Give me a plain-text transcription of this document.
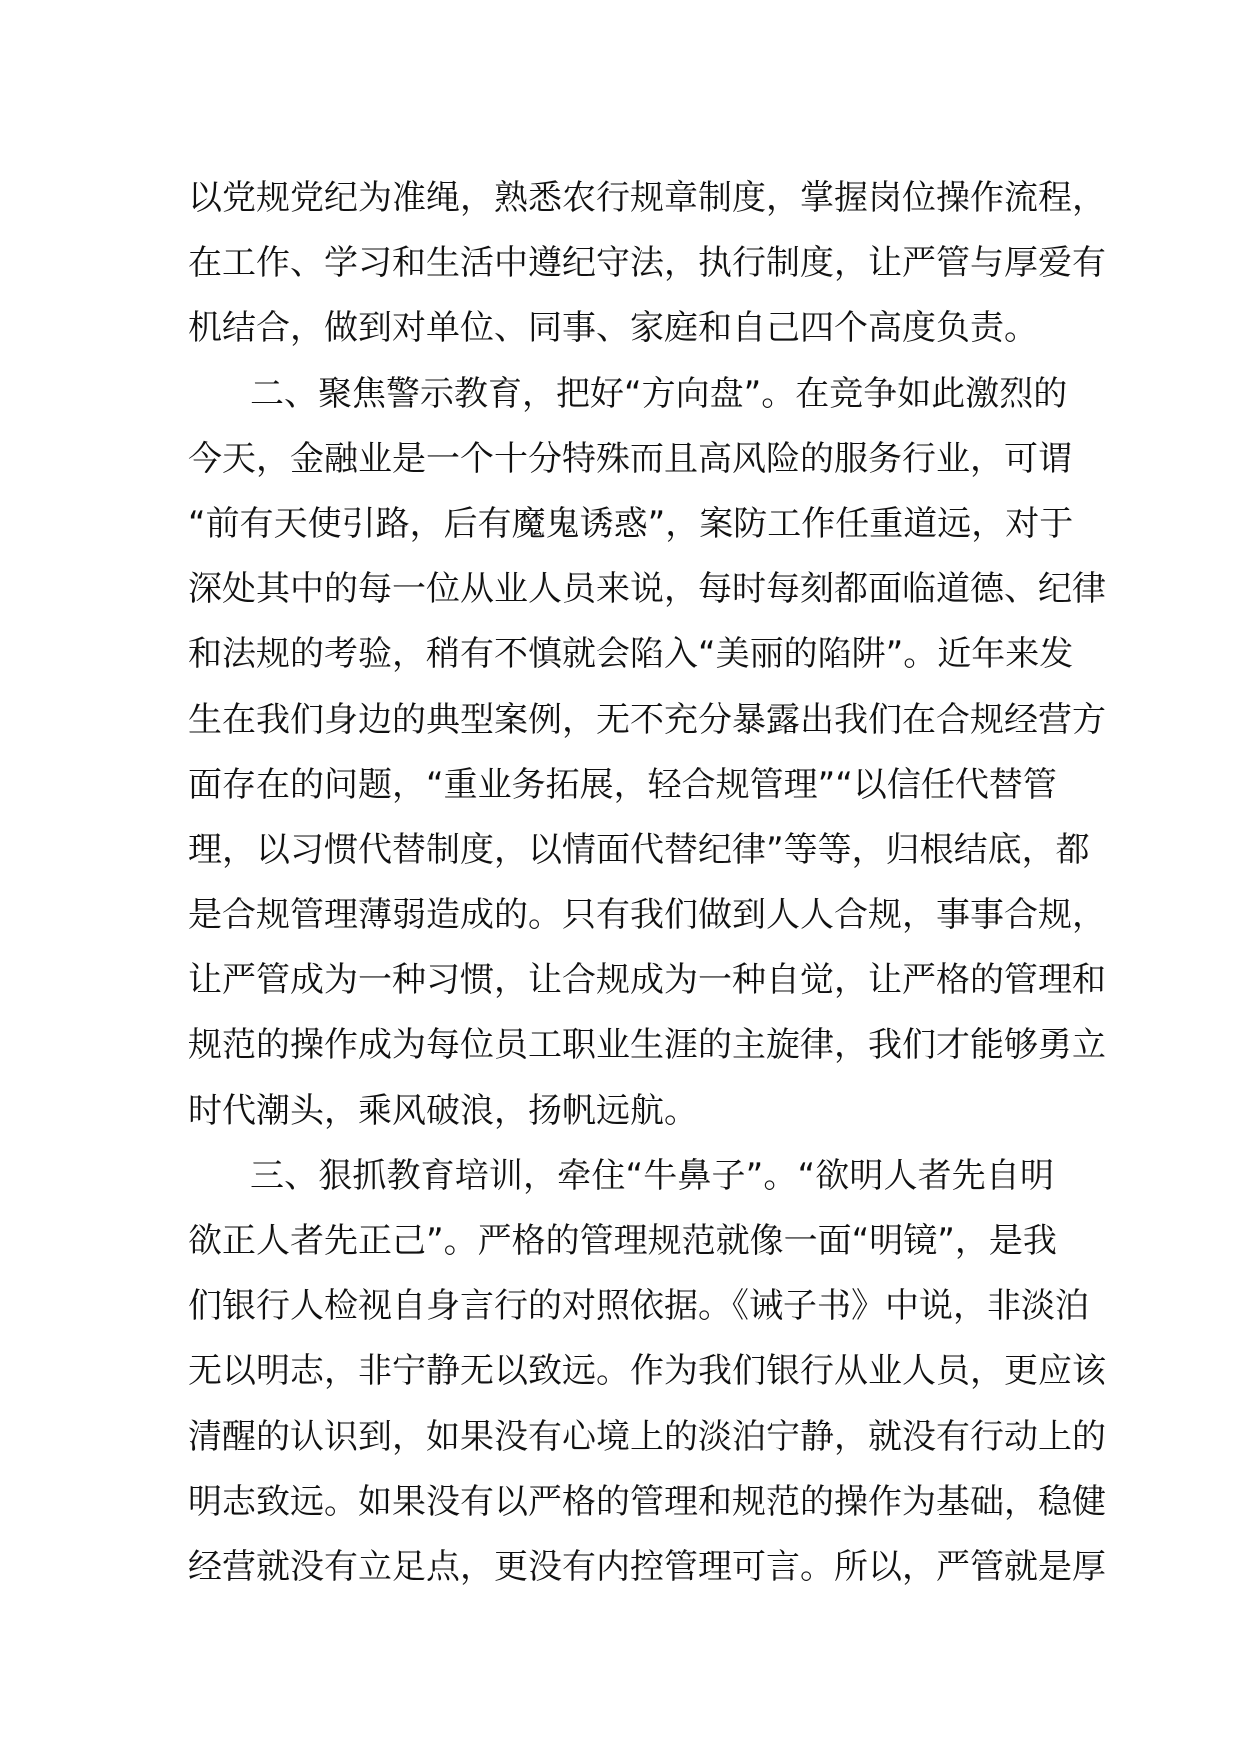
以党规党纪为准绳，熟悉农行规章制度，掌握岗位操作流程，
在工作、学习和生活中遵纪守法，执行制度，让严管与厚爱有
机结合，做到对单位、同事、家庭和自己四个高度负责。
二、聚焦警示教育，把好“方向盘”。在竞争如此激烈的
今天，金融业是一个十分特殊而且高风险的服务行业，可谓
“前有天使引路，后有魔鬼诱惑”，案防工作任重道远，对于
深处其中的每一位从业人员来说，每时每刻都面临道德、纪律
和法规的考验，稍有不慎就会陷入“美丽的陷阱”。近年来发
生在我们身边的典型案例，无不充分暴露出我们在合规经营方
面存在的问题，“重业务拓展，轻合规管理”“以信任代替管
理，以习惯代替制度，以情面代替纪律”等等，归根结底，都
是合规管理薄弱造成的。只有我们做到人人合规，事事合规，
让严管成为一种习惯，让合规成为一种自觉，让严格的管理和
规范的操作成为每位员工职业生涯的主旋律，我们才能够勇立
时代潮头，乘风破浪，扬帆远航。
三、狠抓教育培训，牵住“牛鼻子”。“欲明人者先自明
欲正人者先正己”。严格的管理规范就像一面“明镜”，是我
们银行人检视自身言行的对照依据。《诫子书》中说，非淡泊
无以明志，非宁静无以致远。作为我们银行从业人员，更应该
清醒的认识到，如果没有心境上的淡泊宁静，就没有行动上的
明志致远。如果没有以严格的管理和规范的操作为基础，稳健
经营就没有立足点，更没有内控管理可言。所以，严管就是厚
